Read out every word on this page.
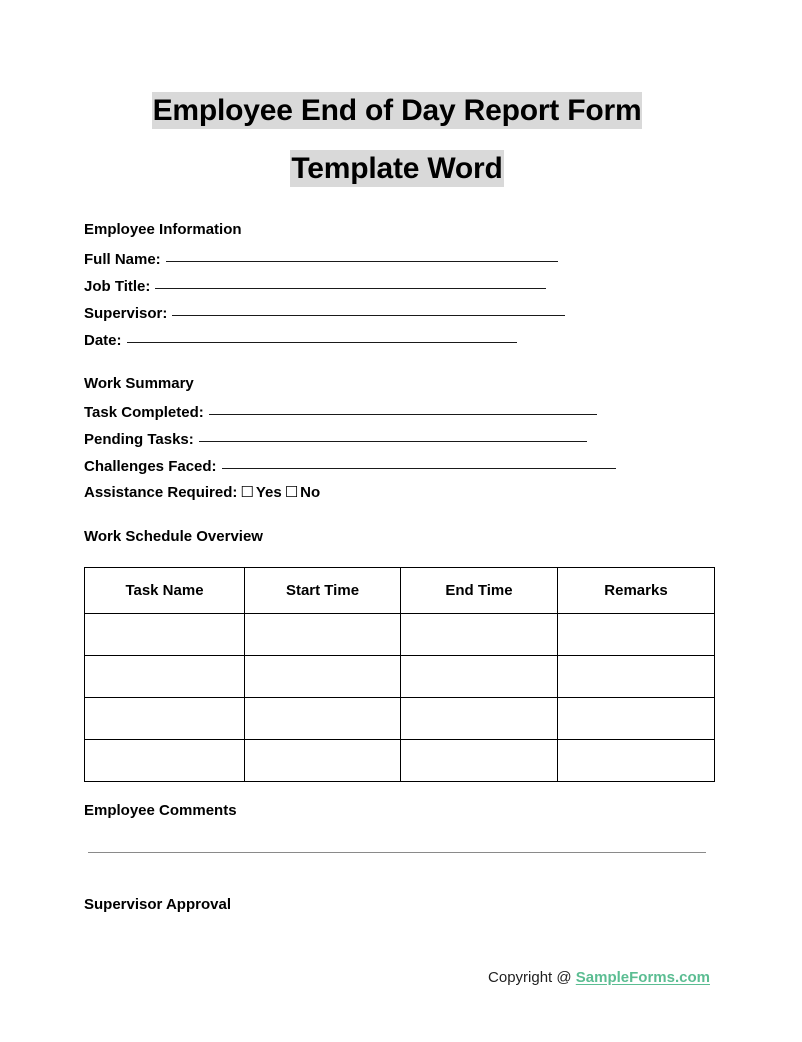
Employee End of Day Report Form

Template Word
Employee Information
Full Name:
Job Title:
Supervisor:
Date:
Work Summary
Task Completed:
Pending Tasks:
Challenges Faced:
Assistance Required: ☐ Yes ☐ No
Work Schedule Overview
Task Name	Start Time	End Time	Remarks

Employee Comments
Supervisor Approval
Copyright @ SampleForms.com
